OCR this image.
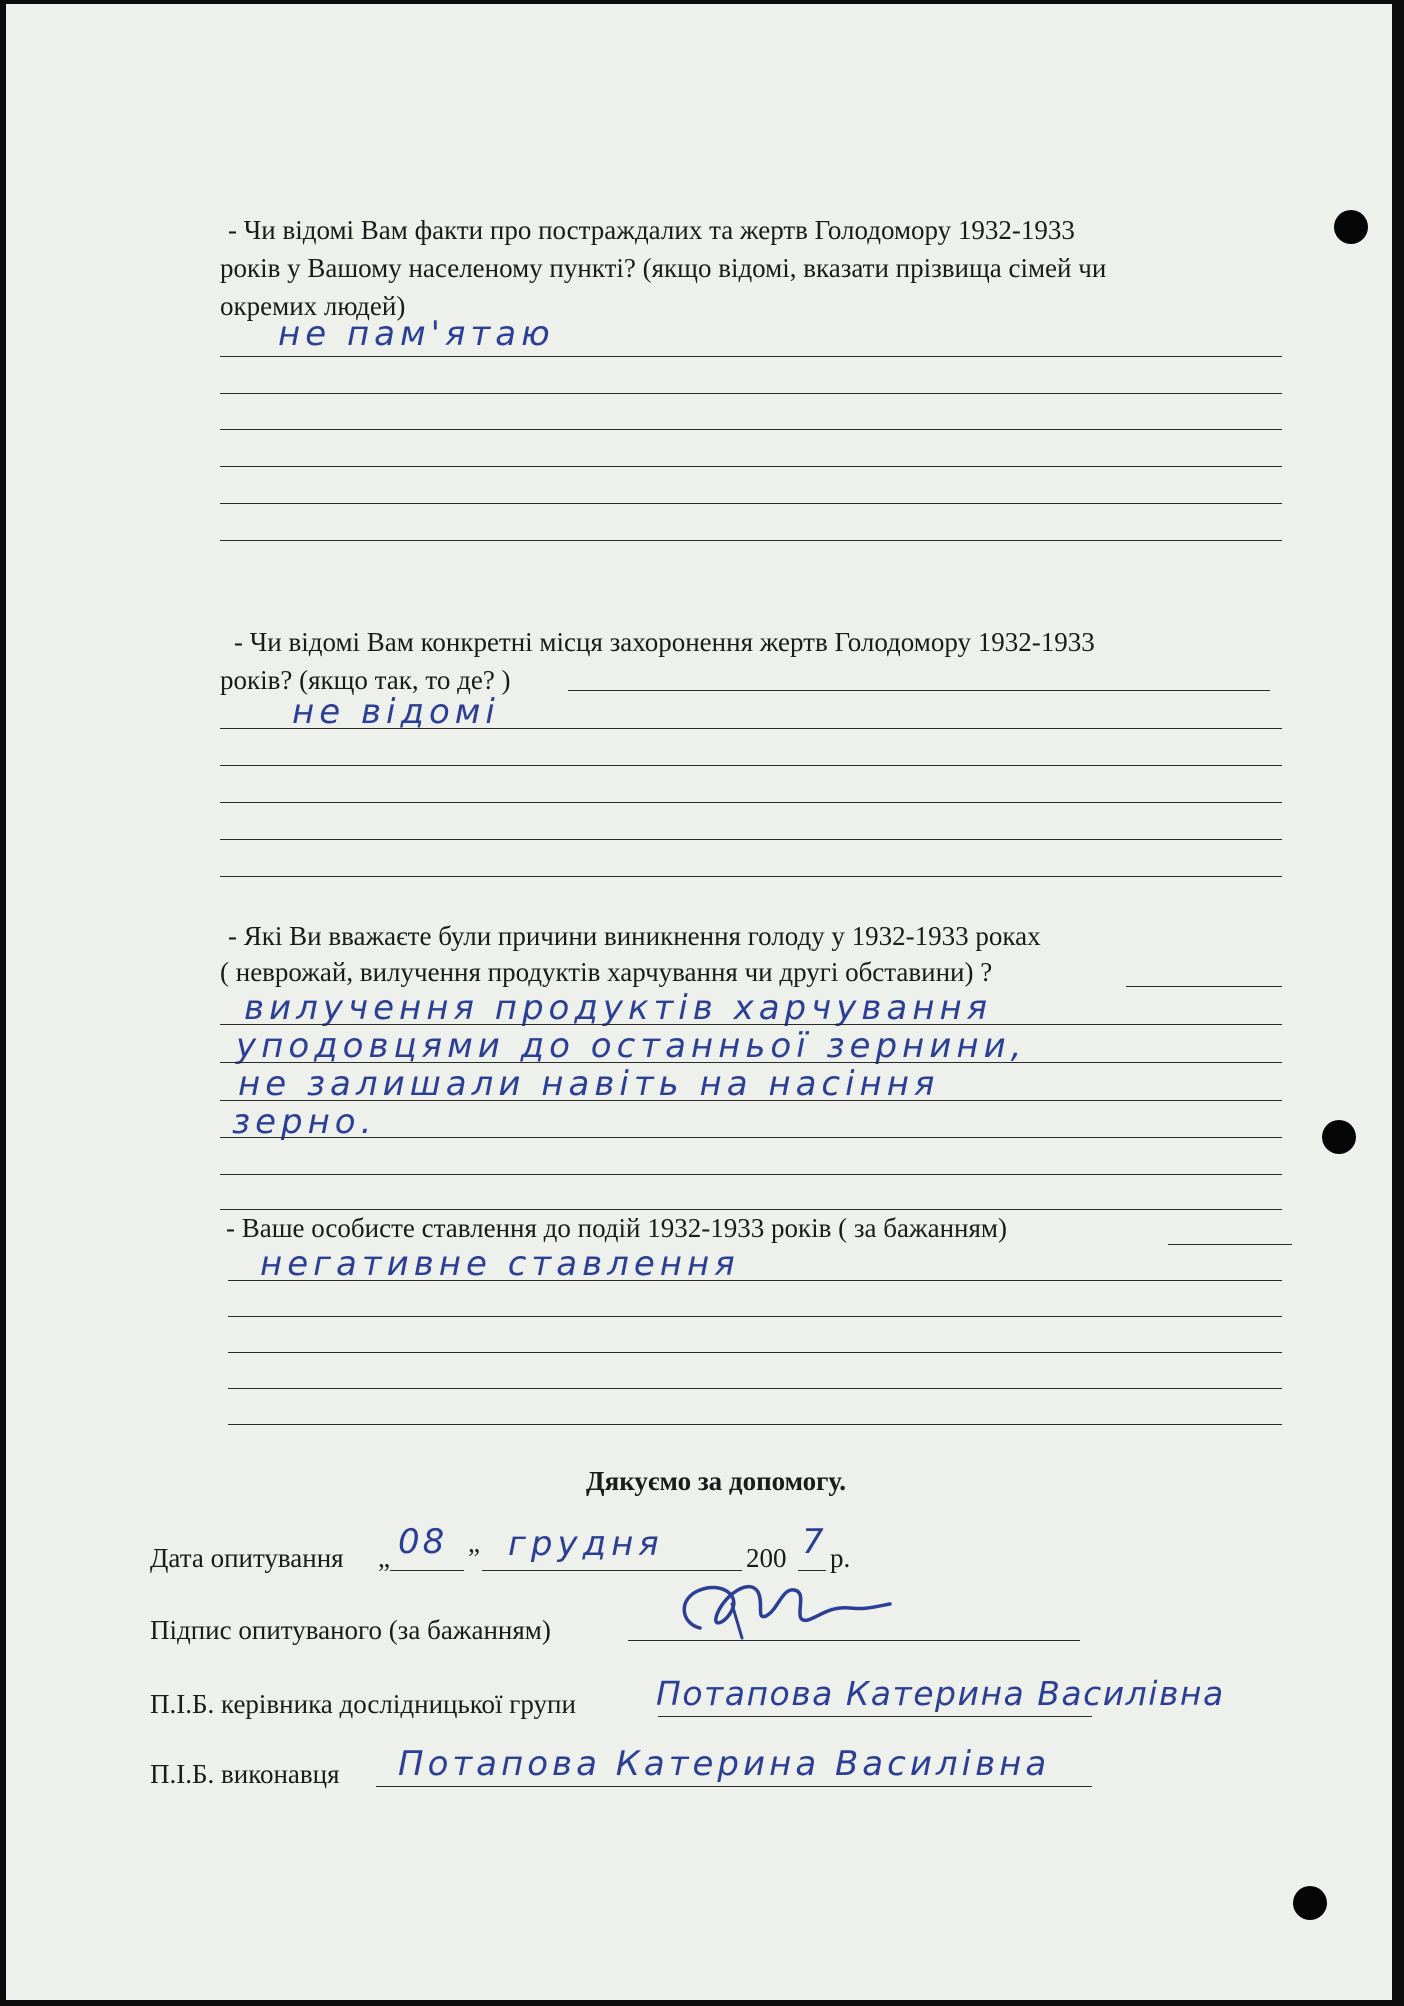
- Чи відомі Вам факти про постраждалих та жертв Голодомору 1932-1933
років у Вашому населеному пункті? (якщо відомі, вказати прізвища сімей чи
окремих людей)
не пам'ятаю
- Чи відомі Вам конкретні місця захоронення жертв Голодомору 1932-1933
років? (якщо так, то де? )
не відомі
- Які Ви вважаєте були причини виникнення голоду у 1932-1933 роках
( неврожай, вилучення продуктів харчування чи другі обставини) ?
вилучення продуктів харчування
уподовцями до останньої зернини,
не залишали навіть на насіння
зерно.
- Ваше особисте ставлення до подій 1932-1933 років ( за бажанням)
негативне ставлення
Дякуємо за допомогу.
Дата опитування „ 08 ” грудня	200 7 р.
Підпис опитуваного (за бажанням)
П.І.Б. керівника дослідницької групи Потапова Катерина Василівна
П.І.Б. виконавця Потапова Катерина Василівна
